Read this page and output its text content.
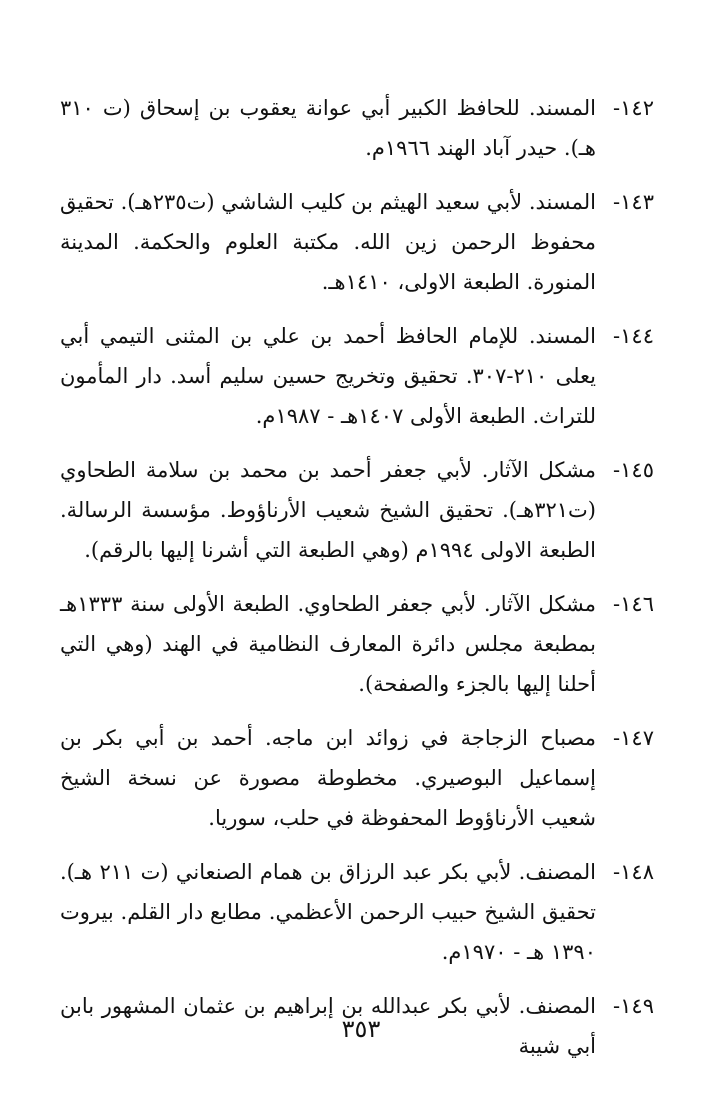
١٤٢-
المسند. للحافظ الكبير أبي عوانة يعقوب بن إسحاق (ت ٣١٠ هـ). حيدر آباد الهند ١٩٦٦م.
١٤٣-
المسند. لأبي سعيد الهيثم بن كليب الشاشي (ت٢٣٥هـ). تحقيق محفوظ الرحمن زين الله. مكتبة العلوم والحكمة. المدينة المنورة. الطبعة الاولى، ١٤١٠هـ.
١٤٤-
المسند. للإمام الحافظ أحمد بن علي بن المثنى التيمي أبي يعلى ٢١٠-٣٠٧. تحقيق وتخريج حسين سليم أسد. دار المأمون للتراث. الطبعة الأولى ١٤٠٧هـ - ١٩٨٧م.
١٤٥-
مشكل الآثار. لأبي جعفر أحمد بن محمد بن سلامة الطحاوي (ت٣٢١هـ). تحقيق الشيخ شعيب الأرناؤوط. مؤسسة الرسالة. الطبعة الاولى ١٩٩٤م (وهي الطبعة التي أشرنا إليها بالرقم).
١٤٦-
مشكل الآثار. لأبي جعفر الطحاوي. الطبعة الأولى سنة ١٣٣٣هـ بمطبعة مجلس دائرة المعارف النظامية في الهند (وهي التي أحلنا إليها بالجزء والصفحة).
١٤٧-
مصباح الزجاجة في زوائد ابن ماجه. أحمد بن أبي بكر بن إسماعيل البوصيري. مخطوطة مصورة عن نسخة الشيخ شعيب الأرناؤوط المحفوظة في حلب، سوريا.
١٤٨-
المصنف. لأبي بكر عبد الرزاق بن همام الصنعاني (ت ٢١١ هـ). تحقيق الشيخ حبيب الرحمن الأعظمي. مطابع دار القلم. بيروت ١٣٩٠ هـ - ١٩٧٠م.
١٤٩-
المصنف. لأبي بكر عبدالله بن إبراهيم بن عثمان المشهور بابن أبي شيبة
٣٥٣
